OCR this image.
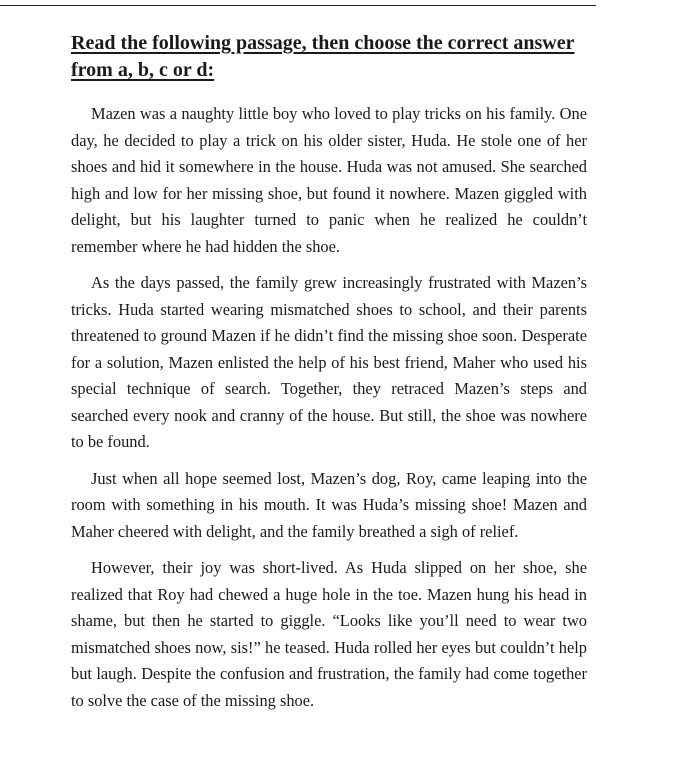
Read the following passage, then choose the correct answer from a, b, c or d:

Mazen was a naughty little boy who loved to play tricks on his family. One day, he decided to play a trick on his older sister, Huda. He stole one of her shoes and hid it somewhere in the house. Huda was not amused. She searched high and low for her missing shoe, but found it nowhere. Mazen giggled with delight, but his laughter turned to panic when he realized he couldn’t remember where he had hidden the shoe.

As the days passed, the family grew increasingly frustrated with Mazen’s tricks. Huda started wearing mismatched shoes to school, and their parents threatened to ground Mazen if he didn’t find the missing shoe soon. Desperate for a solution, Mazen enlisted the help of his best friend, Maher who used his special technique of search. Together, they retraced Mazen’s steps and searched every nook and cranny of the house. But still, the shoe was nowhere to be found.

Just when all hope seemed lost, Mazen’s dog, Roy, came leaping into the room with something in his mouth. It was Huda’s missing shoe! Mazen and Maher cheered with delight, and the family breathed a sigh of relief.

However, their joy was short-lived. As Huda slipped on her shoe, she realized that Roy had chewed a huge hole in the toe. Mazen hung his head in shame, but then he started to giggle. “Looks like you’ll need to wear two mismatched shoes now, sis!” he teased. Huda rolled her eyes but couldn’t help but laugh. Despite the confusion and frustration, the family had come together to solve the case of the missing shoe.
